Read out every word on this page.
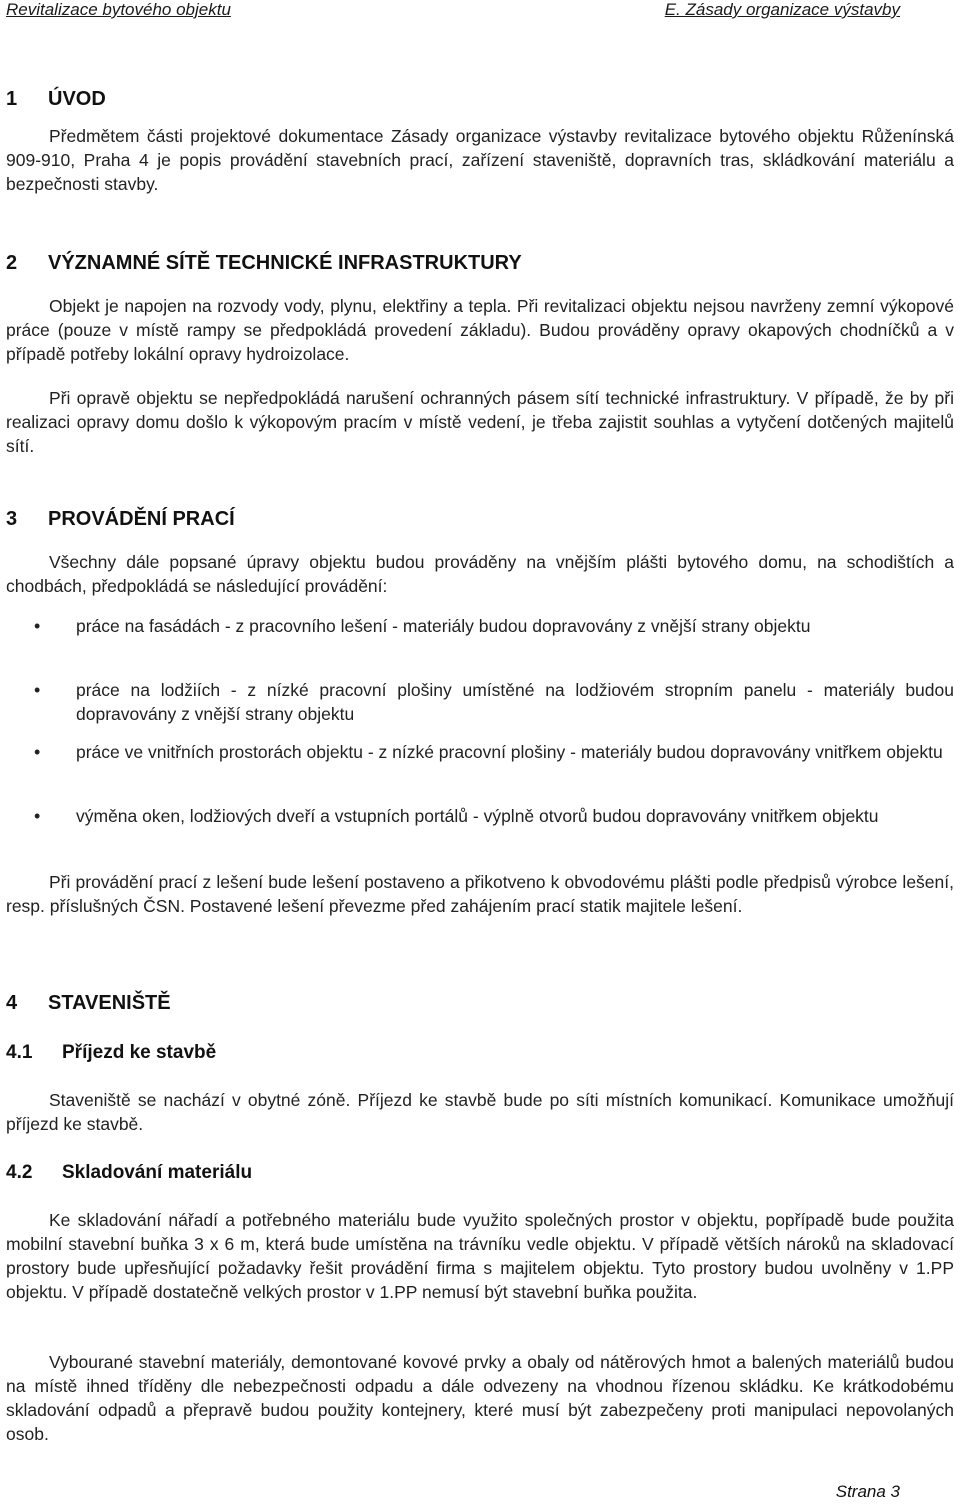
Revitalizace bytového objektu	E. Zásady organizace výstavby
1 ÚVOD
Předmětem části projektové dokumentace Zásady organizace výstavby revitalizace bytového objektu Růženínská 909-910, Praha 4 je popis provádění stavebních prací, zařízení staveniště, dopravních tras, skládkování materiálu a bezpečnosti stavby.
2 VÝZNAMNÉ SÍTĚ TECHNICKÉ INFRASTRUKTURY
Objekt je napojen na rozvody vody, plynu, elektřiny a tepla. Při revitalizaci objektu nejsou navrženy zemní výkopové práce (pouze v místě rampy se předpokládá provedení základu). Budou prováděny opravy okapových chodníčků a v případě potřeby lokální opravy hydroizolace.
Při opravě objektu se nepředpokládá narušení ochranných pásem sítí technické infrastruktury. V případě, že by při realizaci opravy domu došlo k výkopovým pracím v místě vedení, je třeba zajistit souhlas a vytyčení dotčených majitelů sítí.
3 PROVÁDĚNÍ PRACÍ
Všechny dále popsané úpravy objektu budou prováděny na vnějším plášti bytového domu, na schodištích a chodbách, předpokládá se následující provádění:
• práce na fasádách - z pracovního lešení - materiály budou dopravovány z vnější strany objektu
• práce na lodžiích - z nízké pracovní plošiny umístěné na lodžiovém stropním panelu - materiály budou dopravovány z vnější strany objektu
• práce ve vnitřních prostorách objektu - z nízké pracovní plošiny - materiály budou dopravovány vnitřkem objektu
• výměna oken, lodžiových dveří a vstupních portálů - výplně otvorů budou dopravovány vnitřkem objektu
Při provádění prací z lešení bude lešení postaveno a přikotveno k obvodovému plášti podle předpisů výrobce lešení, resp. příslušných ČSN. Postavené lešení převezme před zahájením prací statik majitele lešení.
4 STAVENIŠTĚ
4.1 Příjezd ke stavbě
Staveniště se nachází v obytné zóně. Příjezd ke stavbě bude po síti místních komunikací. Komunikace umožňují příjezd ke stavbě.
4.2 Skladování materiálu
Ke skladování nářadí a potřebného materiálu bude využito společných prostor v objektu, popřípadě bude použita mobilní stavební buňka 3 x 6 m, která bude umístěna na trávníku vedle objektu. V případě větších nároků na skladovací prostory bude upřesňující požadavky řešit provádění firma s majitelem objektu. Tyto prostory budou uvolněny v 1.PP objektu. V případě dostatečně velkých prostor v 1.PP nemusí být stavební buňka použita.
Vybourané stavební materiály, demontované kovové prvky a obaly od nátěrových hmot a balených materiálů budou na místě ihned tříděny dle nebezpečnosti odpadu a dále odvezeny na vhodnou řízenou skládku. Ke krátkodobému skladování odpadů a přepravě budou použity kontejnery, které musí být zabezpečeny proti manipulaci nepovolaných osob.
Strana 3
